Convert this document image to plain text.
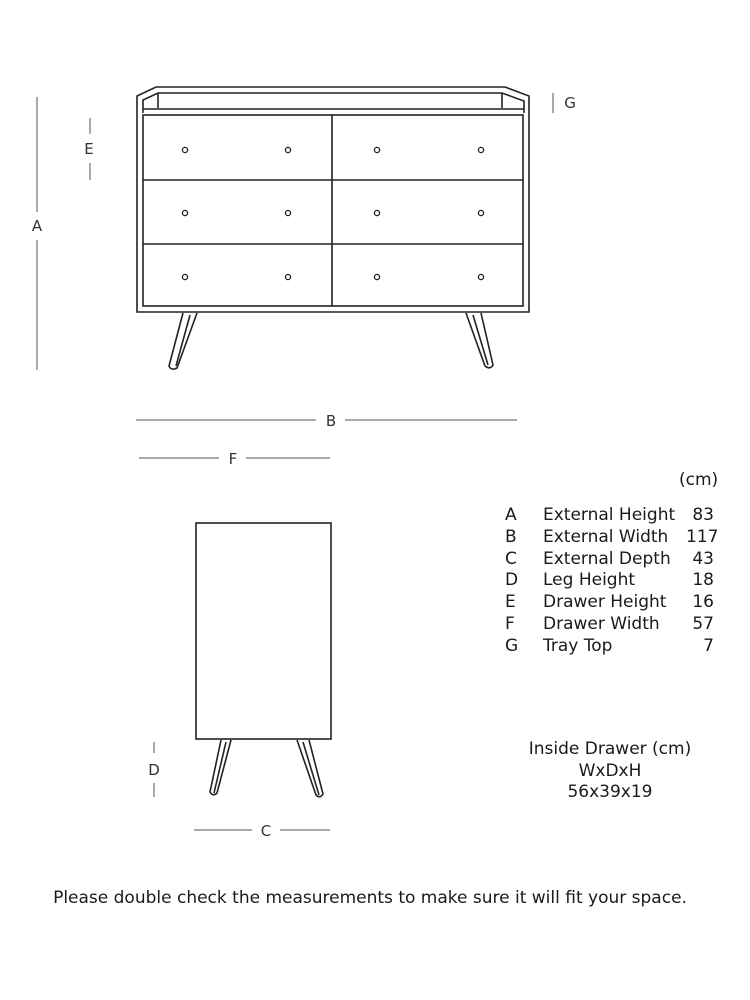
A
E
G
B
F
D
C
(cm)
A	External Height	83
B	External Width	117
C	External Depth	43
D	Leg Height	18
E	Drawer Height	16
F	Drawer Width	57
G	Tray Top	7
Inside Drawer (cm)
WxDxH
56x39x19
Please double check the measurements to make sure it will fit your space.
